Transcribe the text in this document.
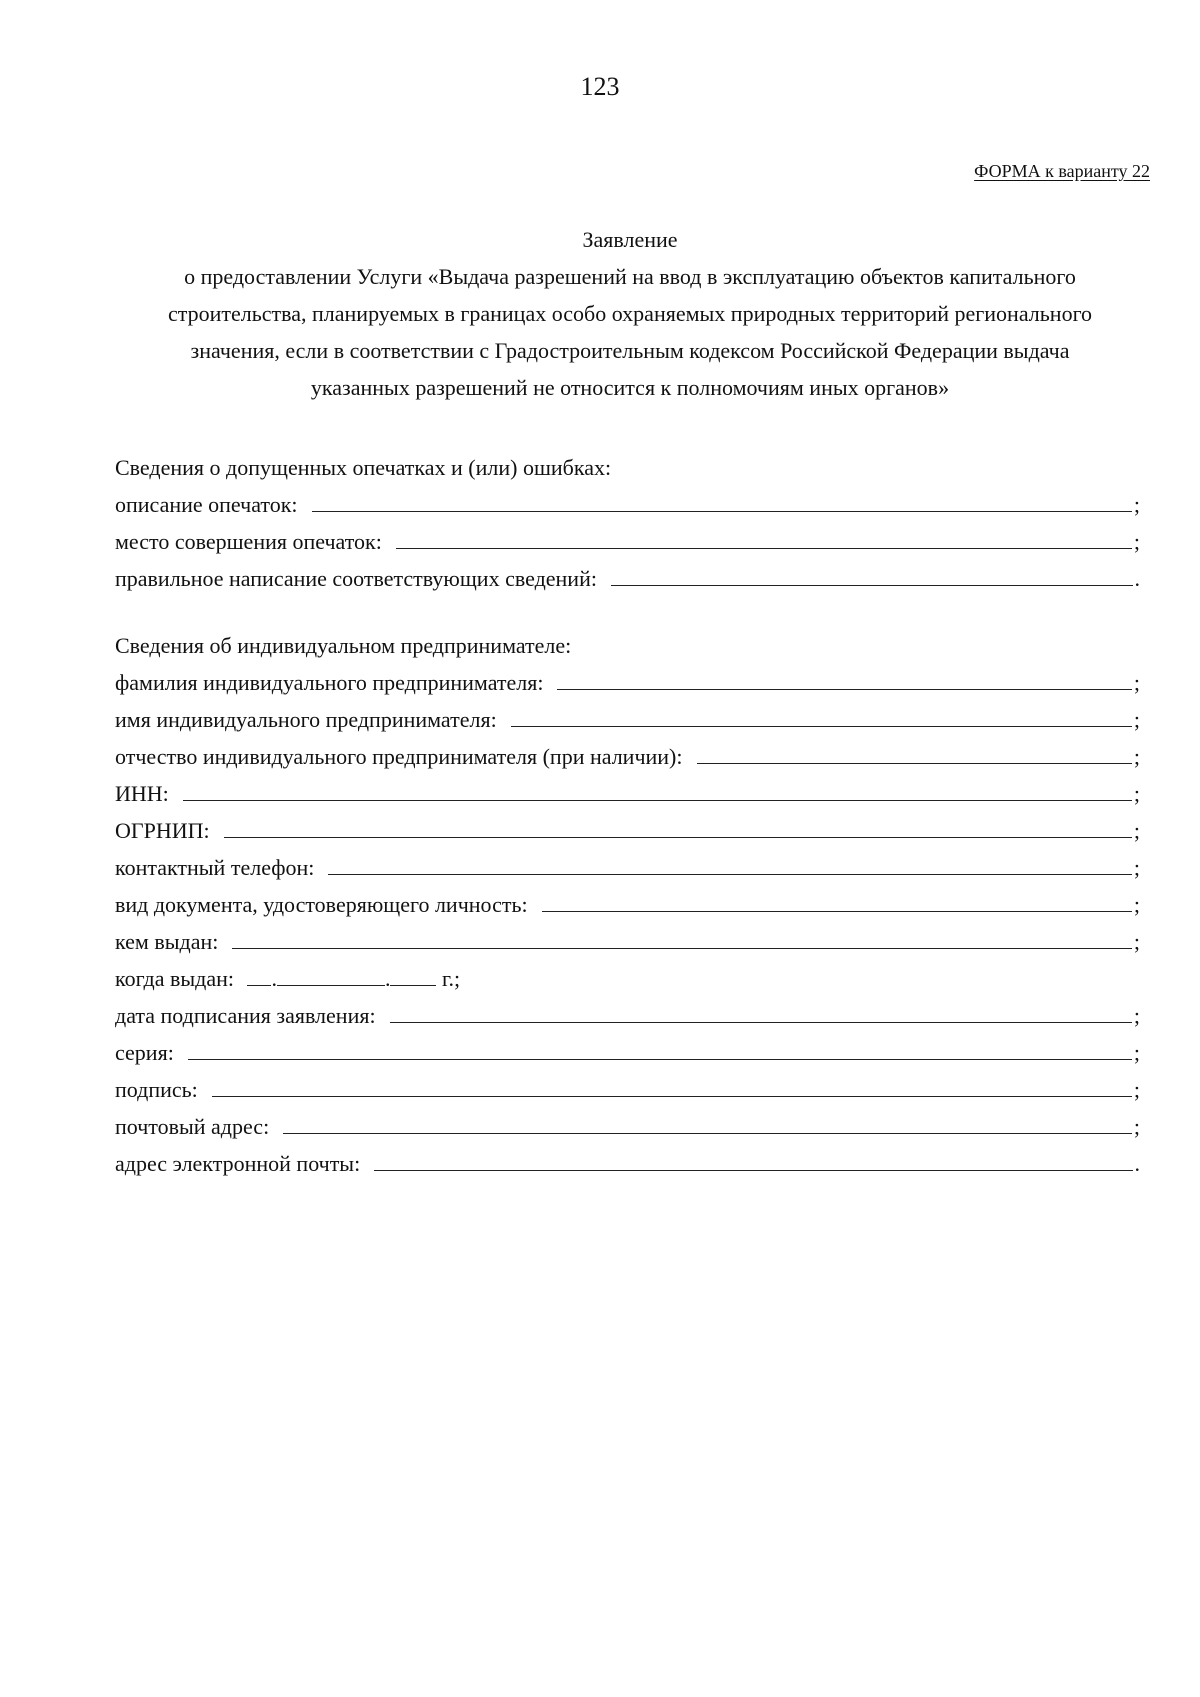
123
ФОРМА к варианту 22
Заявление
о предоставлении Услуги «Выдача разрешений на ввод в эксплуатацию объектов капитального
строительства, планируемых в границах особо охраняемых природных территорий регионального
значения, если в соответствии с Градостроительным кодексом Российской Федерации выдача
указанных разрешений не относится к полномочиям иных органов»
Сведения о допущенных опечатках и (или) ошибках:
описание опечаток:	;
место совершения опечаток:	;
правильное написание соответствующих сведений:	.
Сведения об индивидуальном предпринимателе:
фамилия индивидуального предпринимателя:	;
имя индивидуального предпринимателя:	;
отчество индивидуального предпринимателя (при наличии):	;
ИНН:	;
ОГРНИП:	;
контактный телефон:	;
вид документа, удостоверяющего личность:	;
кем выдан:	;
когда выдан: .	. г.;
дата подписания заявления:	;
серия:	;
подпись:	;
почтовый адрес:	;
адрес электронной почты:	.
